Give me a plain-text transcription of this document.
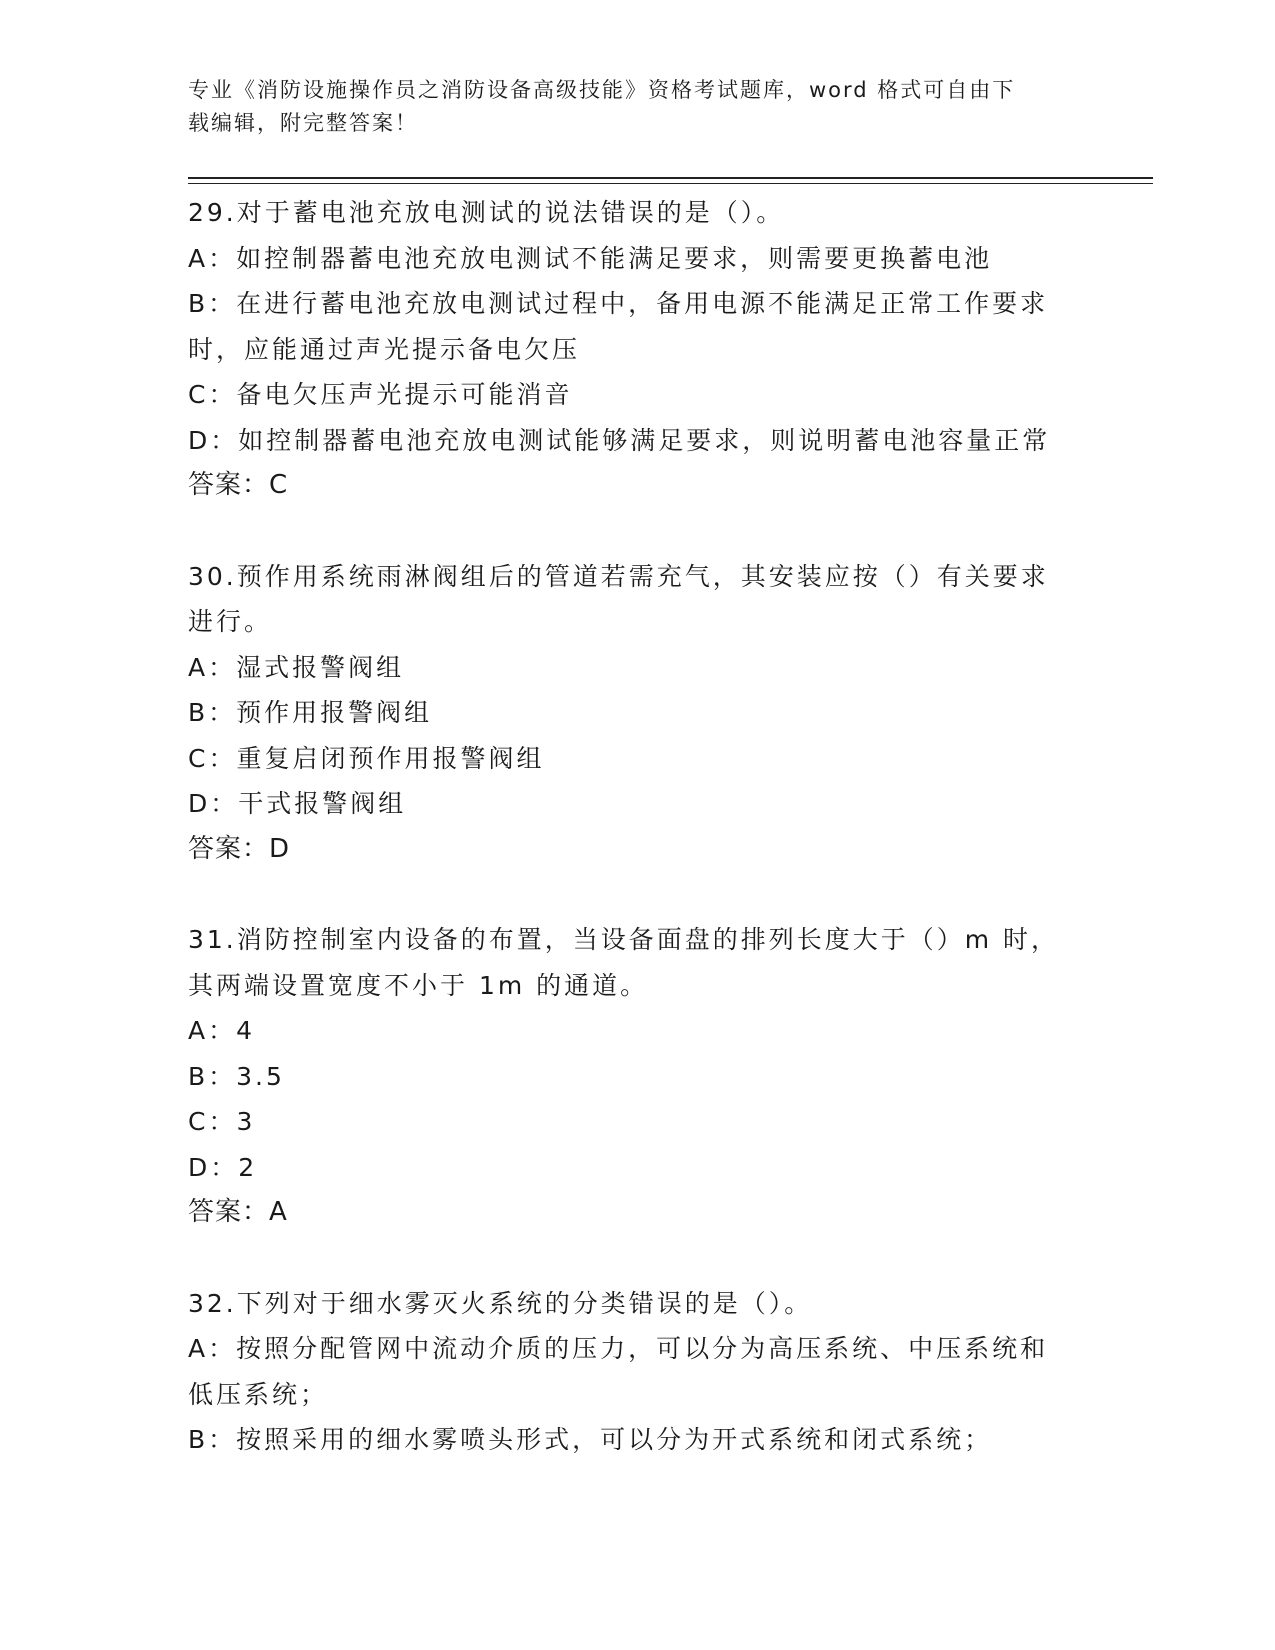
专业《消防设施操作员之消防设备高级技能》资格考试题库，word 格式可自由下
载编辑，附完整答案！
29.对于蓄电池充放电测试的说法错误的是（）。
A：如控制器蓄电池充放电测试不能满足要求，则需要更换蓄电池
B：在进行蓄电池充放电测试过程中，备用电源不能满足正常工作要求
时，应能通过声光提示备电欠压
C：备电欠压声光提示可能消音
D：如控制器蓄电池充放电测试能够满足要求，则说明蓄电池容量正常
答案：C
30.预作用系统雨淋阀组后的管道若需充气，其安装应按（）有关要求
进行。
A：湿式报警阀组
B：预作用报警阀组
C：重复启闭预作用报警阀组
D：干式报警阀组
答案：D
31.消防控制室内设备的布置，当设备面盘的排列长度大于（）m 时，
其两端设置宽度不小于 1m 的通道。
A：4
B：3.5
C：3
D：2
答案：A
32.下列对于细水雾灭火系统的分类错误的是（）。
A：按照分配管网中流动介质的压力，可以分为高压系统、中压系统和
低压系统；
B：按照采用的细水雾喷头形式，可以分为开式系统和闭式系统；
